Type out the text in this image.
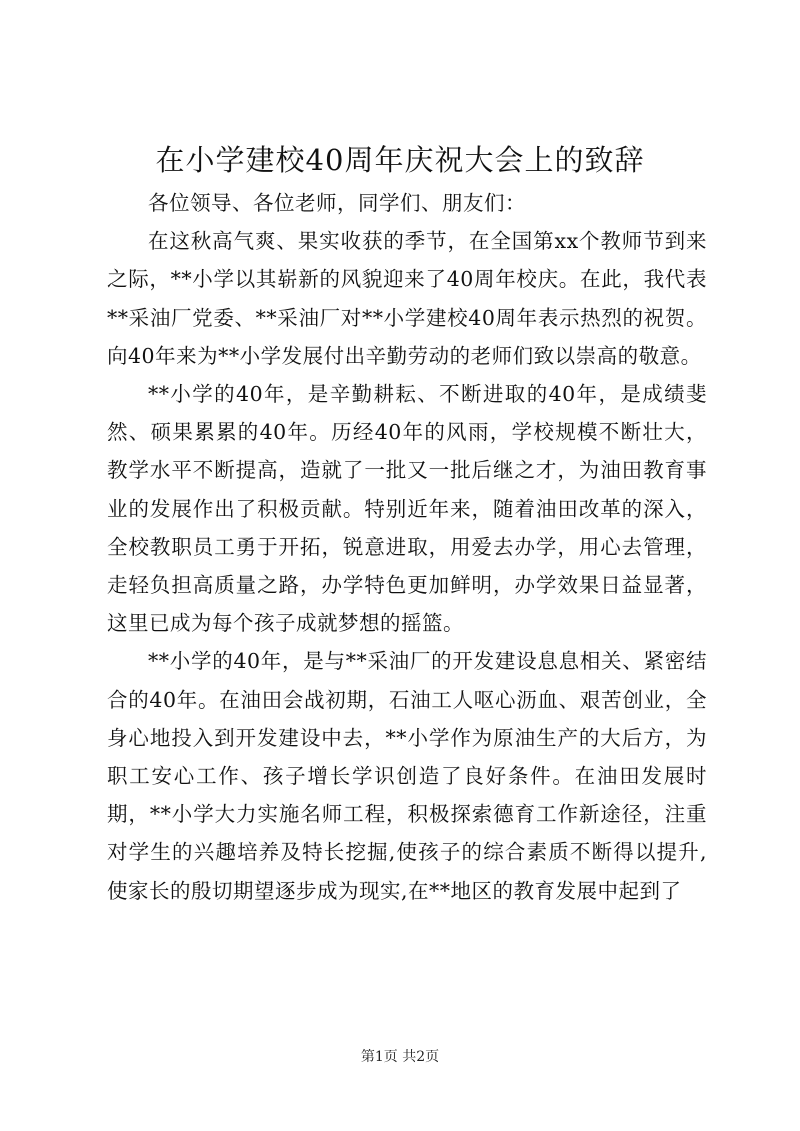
在小学建校40周年庆祝大会上的致辞

各位领导、各位老师，同学们、朋友们：

在这秋高气爽、果实收获的季节，在全国第xx个教师节到来之际，**小学以其崭新的风貌迎来了40周年校庆。在此，我代表**采油厂党委、**采油厂对**小学建校40周年表示热烈的祝贺。向40年来为**小学发展付出辛勤劳动的老师们致以崇高的敬意。

**小学的40年，是辛勤耕耘、不断进取的40年，是成绩斐然、硕果累累的40年。历经40年的风雨，学校规模不断壮大，教学水平不断提高，造就了一批又一批后继之才，为油田教育事业的发展作出了积极贡献。特别近年来，随着油田改革的深入，全校教职员工勇于开拓，锐意进取，用爱去办学，用心去管理，走轻负担高质量之路，办学特色更加鲜明，办学效果日益显著，这里已成为每个孩子成就梦想的摇篮。

**小学的40年，是与**采油厂的开发建设息息相关、紧密结合的40年。在油田会战初期，石油工人呕心沥血、艰苦创业，全身心地投入到开发建设中去，**小学作为原油生产的大后方，为职工安心工作、孩子增长学识创造了良好条件。在油田发展时期，**小学大力实施名师工程，积极探索德育工作新途径，注重对学生的兴趣培养及特长挖掘,使孩子的综合素质不断得以提升,使家长的殷切期望逐步成为现实,在**地区的教育发展中起到了

第1页 共2页
